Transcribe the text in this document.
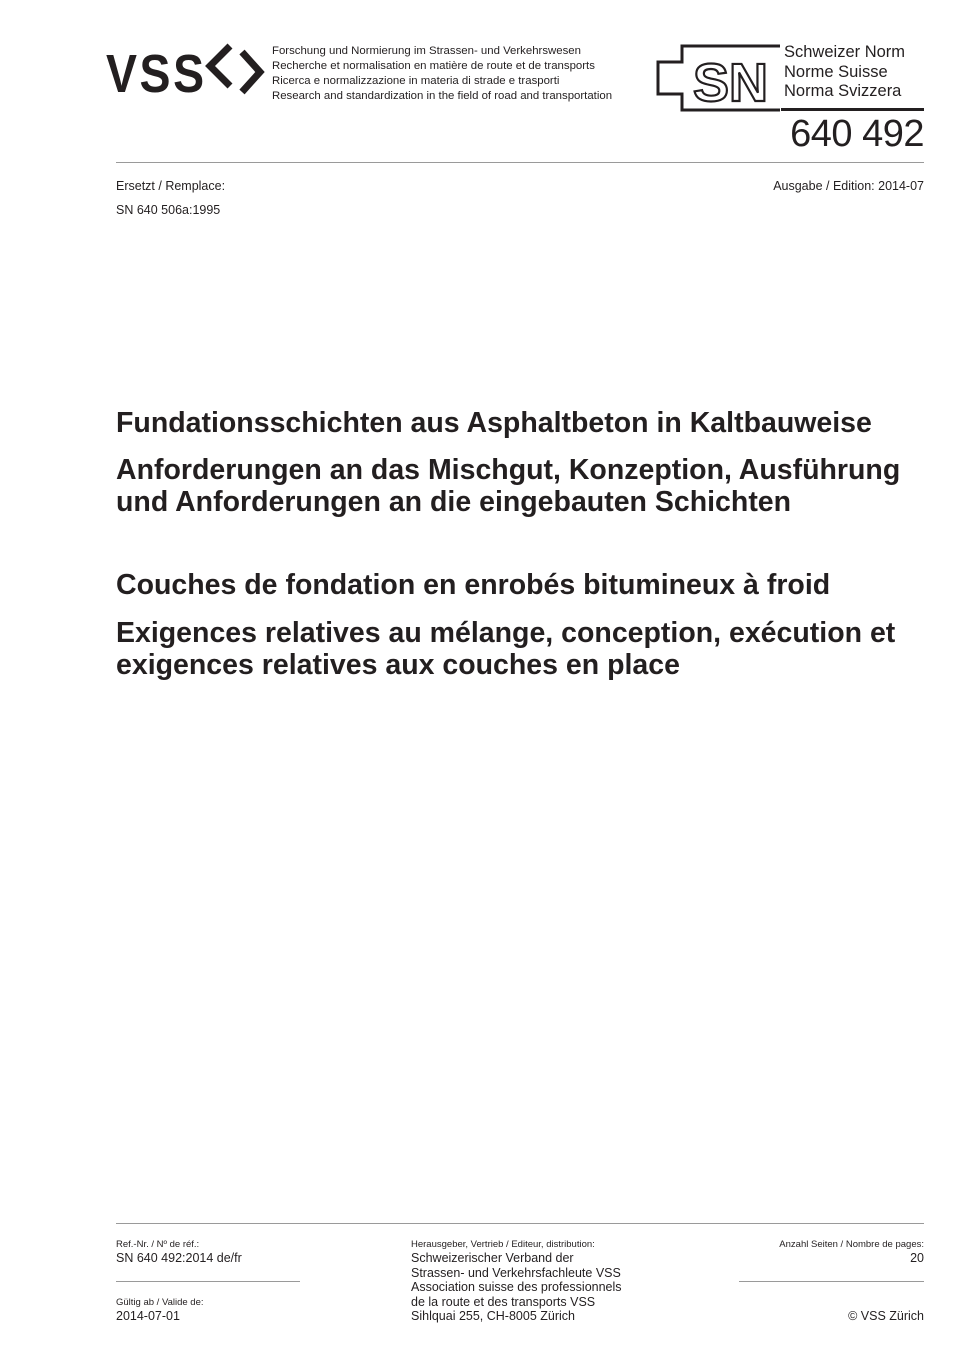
VSS	Forschung und Normierung im Strassen- und Verkehrswesen
Recherche et normalisation en matière de route et de transports
Ricerca e normalizzazione in materia di strade e trasporti
Research and standardization in the field of road and transportation SN
Schweizer Norm
Norme Suisse
Norma Svizzera
640 492
Ersetzt / Remplace:
SN 640 506a:1995
Ausgabe / Edition: 2014-07
Fundationsschichten aus Asphaltbeton in Kaltbauweise
Anforderungen an das Mischgut, Konzeption, Ausführung und Anforderungen an die eingebauten Schichten
Couches de fondation en enrobés bitumineux à froid
Exigences relatives au mélange, conception, exécution et exigences relatives aux couches en place
Ref.-Nr. / Nº de réf.:
SN 640 492:2014 de/fr
Gültig ab / Valide de:
2014-07-01
Herausgeber, Vertrieb / Editeur, distribution:
Schweizerischer Verband der
Strassen- und Verkehrsfachleute VSS
Association suisse des professionnels
de la route et des transports VSS
Sihlquai 255, CH-8005 Zürich
Anzahl Seiten / Nombre de pages:
20
© VSS Zürich
